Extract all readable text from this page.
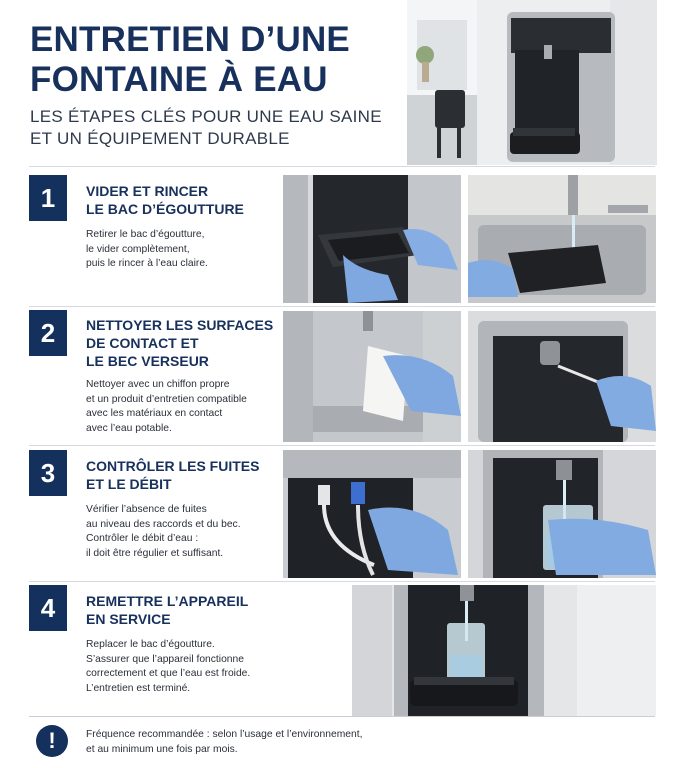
ENTRETIEN D’UNE
FONTAINE À EAU
LES ÉTAPES CLÉS POUR UNE EAU SAINE
ET UN ÉQUIPEMENT DURABLE
1	VIDER ET RINCER
LE BAC D’ÉGOUTTURE
Retirer le bac d’égoutture,
le vider complètement,
puis le rincer à l’eau claire.
2	NETTOYER LES SURFACES
DE CONTACT ET
LE BEC VERSEUR
Nettoyer avec un chiffon propre
et un produit d’entretien compatible
avec les matériaux en contact
avec l’eau potable.
3	CONTRÔLER LES FUITES
ET LE DÉBIT
Vérifier l’absence de fuites
au niveau des raccords et du bec.
Contrôler le débit d’eau :
il doit être régulier et suffisant.
4	REMETTRE L’APPAREIL
EN SERVICE
Replacer le bac d’égoutture.
S’assurer que l’appareil fonctionne
correctement et que l’eau est froide.
L’entretien est terminé.
!	Fréquence recommandée : selon l’usage et l’environnement,
et au minimum une fois par mois.
